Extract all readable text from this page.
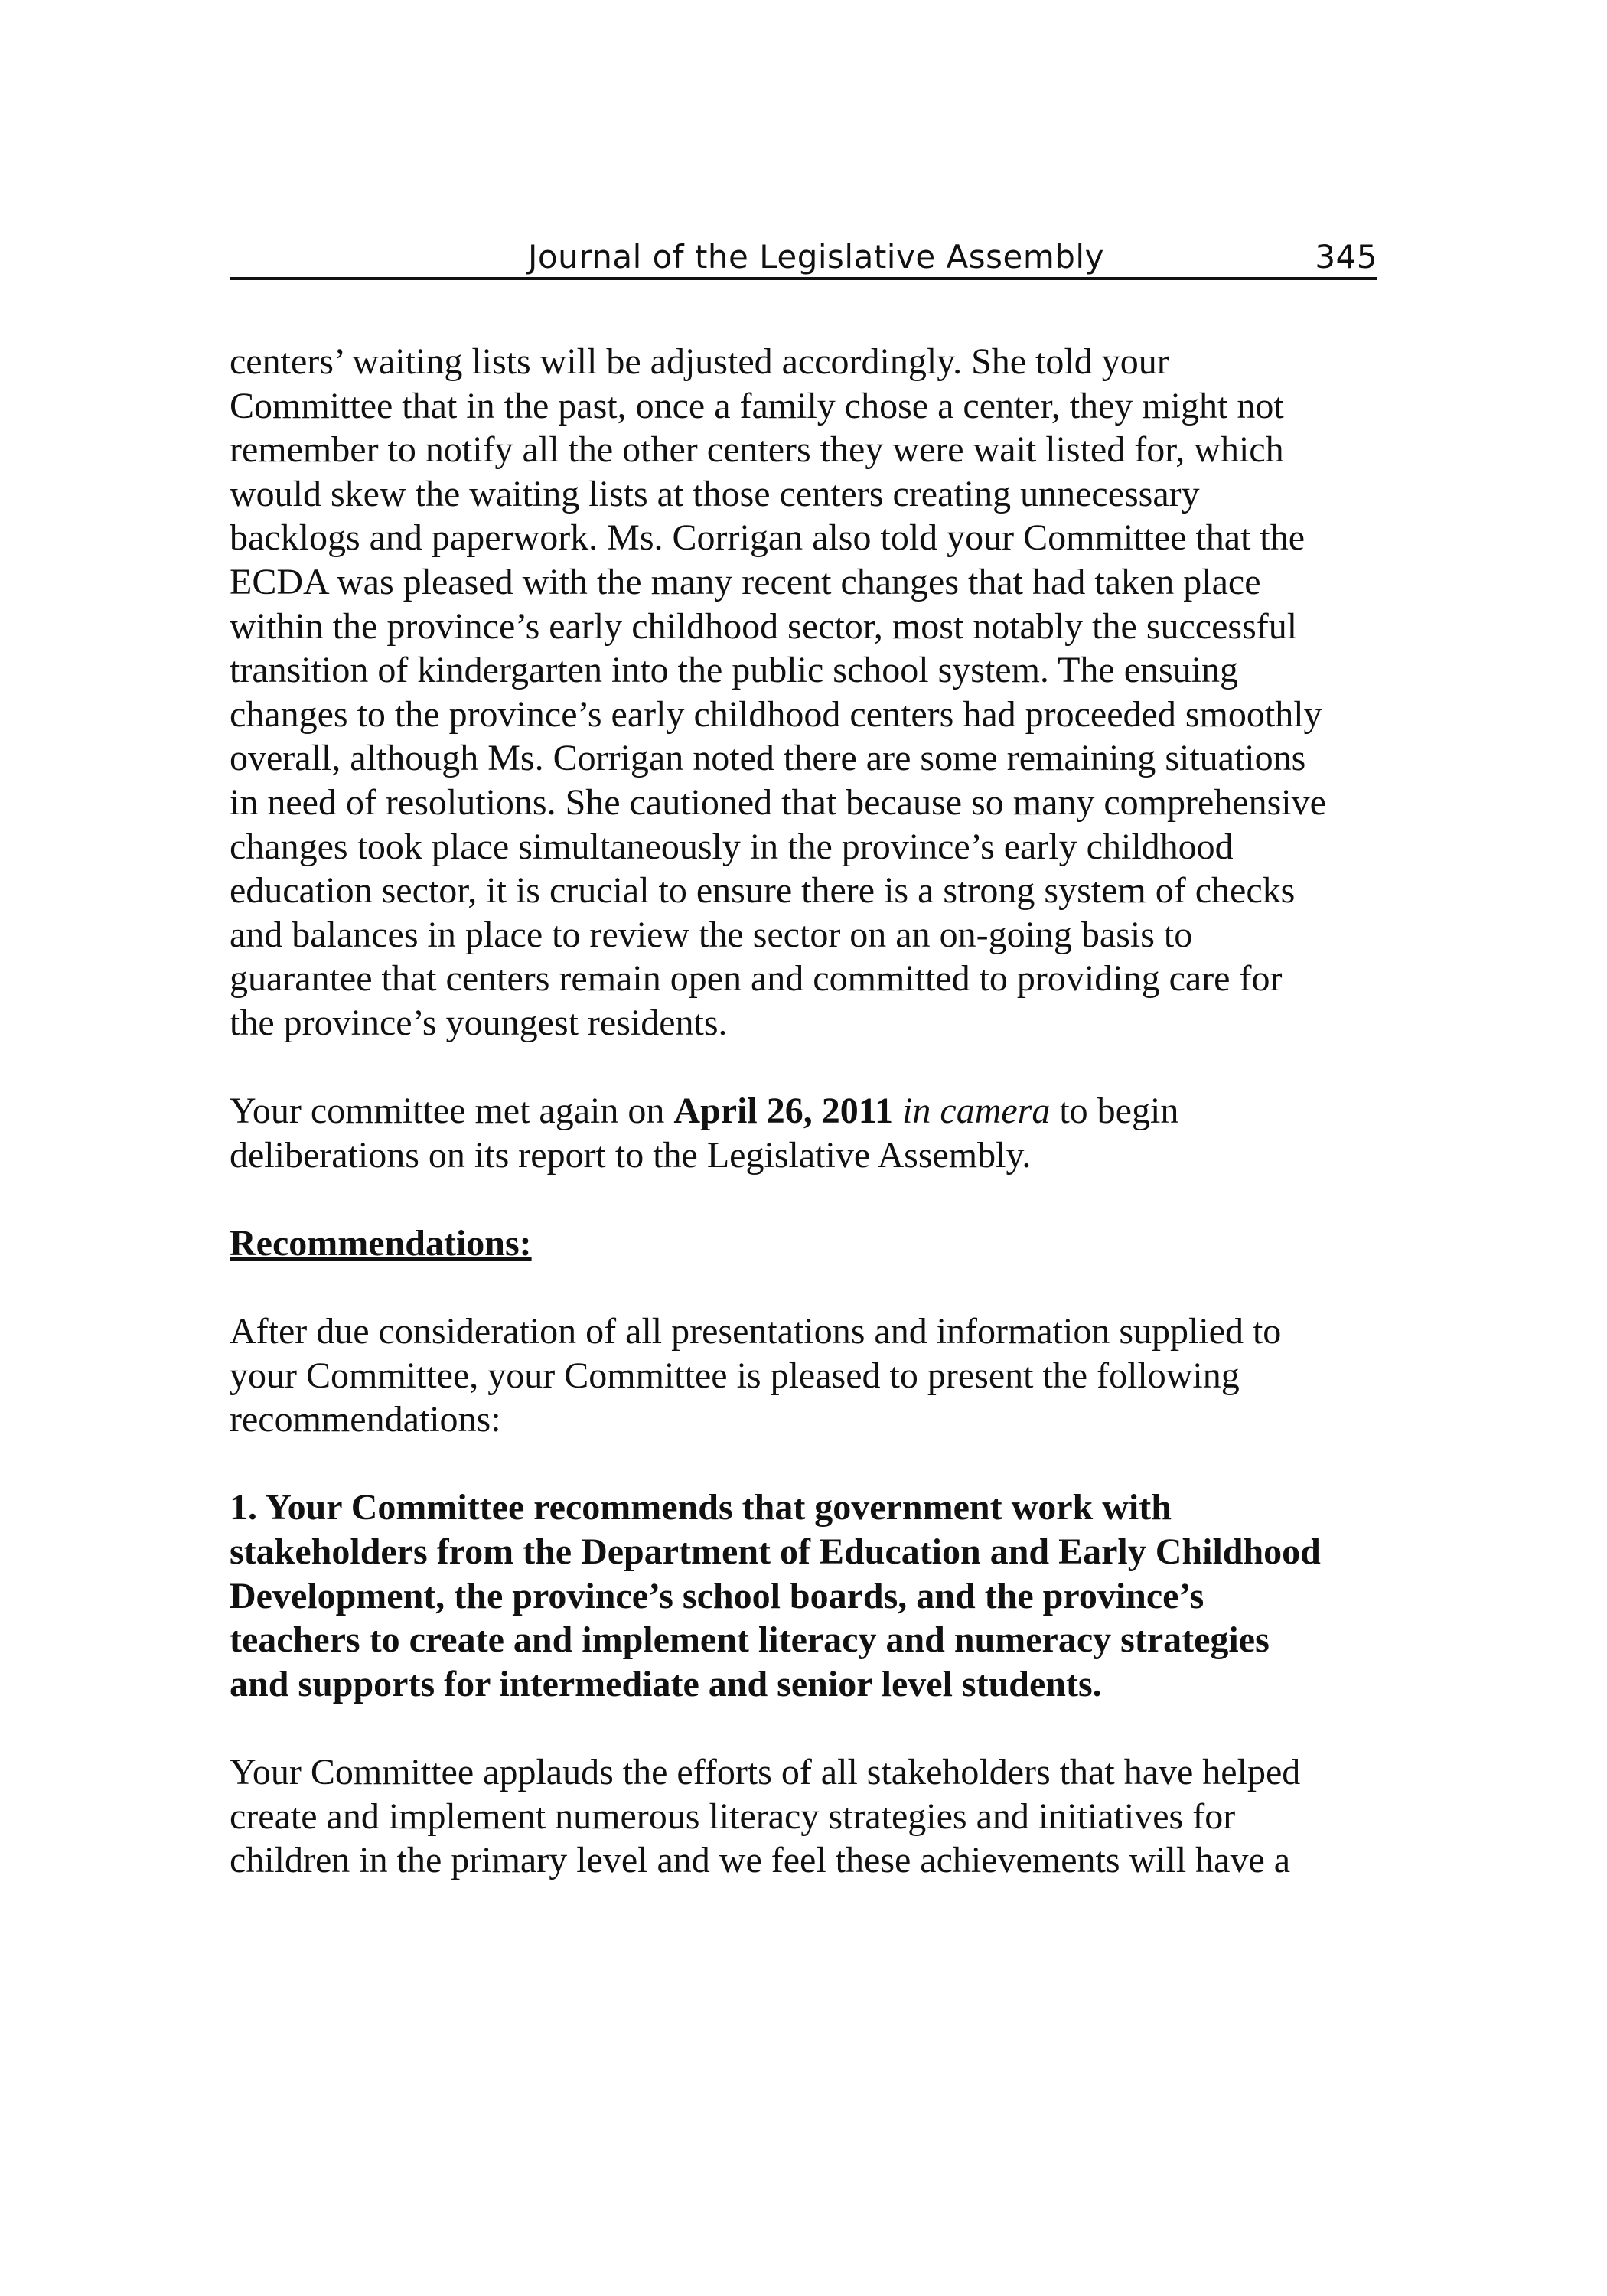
Journal of the Legislative Assembly	345

centers’ waiting lists will be adjusted accordingly. She told your
Committee that in the past, once a family chose a center, they might not
remember to notify all the other centers they were wait listed for, which
would skew the waiting lists at those centers creating unnecessary
backlogs and paperwork. Ms. Corrigan also told your Committee that the
ECDA was pleased with the many recent changes that had taken place
within the province’s early childhood sector, most notably the successful
transition of kindergarten into the public school system. The ensuing
changes to the province’s early childhood centers had proceeded smoothly
overall, although Ms. Corrigan noted there are some remaining situations
in need of resolutions. She cautioned that because so many comprehensive
changes took place simultaneously in the province’s early childhood
education sector, it is crucial to ensure there is a strong system of checks
and balances in place to review the sector on an on-going basis to
guarantee that centers remain open and committed to providing care for
the province’s youngest residents.

Your committee met again on April 26, 2011 in camera to begin
deliberations on its report to the Legislative Assembly.

Recommendations:

After due consideration of all presentations and information supplied to
your Committee, your Committee is pleased to present the following
recommendations:

1. Your Committee recommends that government work with
stakeholders from the Department of Education and Early Childhood
Development, the province’s school boards, and the province’s
teachers to create and implement literacy and numeracy strategies
and supports for intermediate and senior level students.

Your Committee applauds the efforts of all stakeholders that have helped
create and implement numerous literacy strategies and initiatives for
children in the primary level and we feel these achievements will have a
